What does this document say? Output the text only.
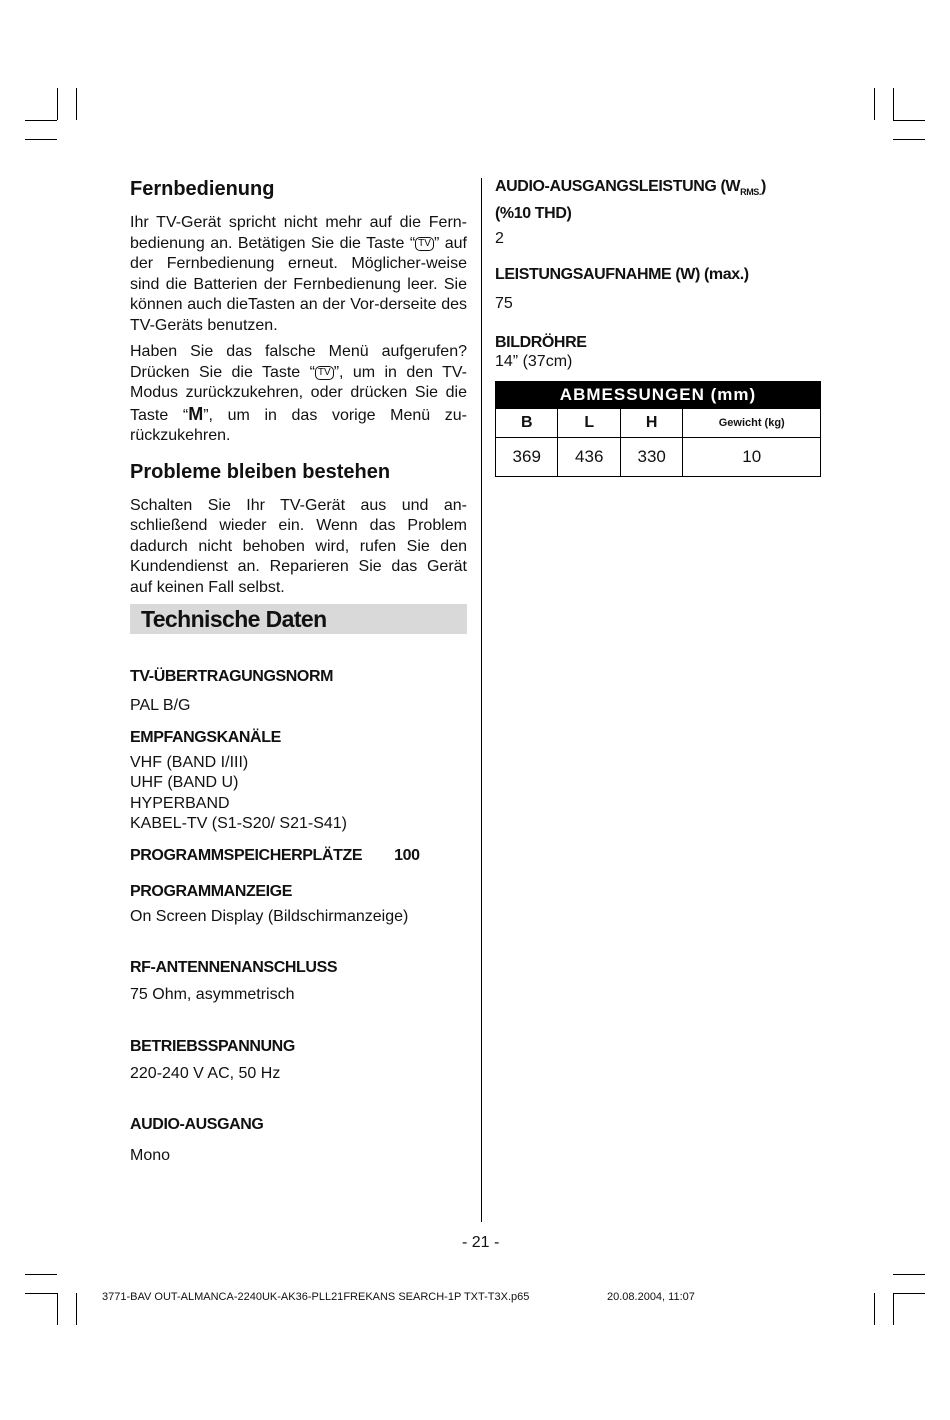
Fernbedienung

Ihr TV-Gerät spricht nicht mehr auf die Fern-bedienung an. Betätigen Sie die Taste “ TV ” auf der Fernbedienung erneut. Möglicher-weise sind die Batterien der Fernbedienung leer. Sie können auch dieTasten an der Vor-derseite des TV-Geräts benutzen.

Haben Sie das falsche Menü aufgerufen? Drücken Sie die Taste “ TV ”, um in den TV-Modus zurückzukehren, oder drücken Sie die Taste “M”, um in das vorige Menü zu-rückzukehren.

Probleme bleiben bestehen

Schalten Sie Ihr TV-Gerät aus und an-schließend wieder ein. Wenn das Problem dadurch nicht behoben wird, rufen Sie den Kundendienst an. Reparieren Sie das Gerät auf keinen Fall selbst.

Technische Daten
TV-ÜBERTRAGUNGSNORM
PAL B/G
EMPFANGSKANÄLE
VHF (BAND I/III)
UHF (BAND U)
HYPERBAND
KABEL-TV (S1-S20/ S21-S41)
PROGRAMMSPEICHERPLÄTZE 100
PROGRAMMANZEIGE
On Screen Display (Bildschirmanzeige)
RF-ANTENNENANSCHLUSS
75 Ohm, asymmetrisch
BETRIEBSSPANNUNG
220-240 V AC, 50 Hz
AUDIO-AUSGANG
Mono
AUDIO-AUSGANGSLEISTUNG $(W_{RMS.})$
(%10 THD)
2
LEISTUNGSAUFNAHME (W) (max.)
75
BILDRÖHRE
14” (37cm)
ABMESSUNGEN (mm)			
B	L	H	Gewicht (kg)
369	436	330	10
- 21 -
3771-BAV OUT-ALMANCA-2240UK-AK36-PLL21FREKANS SEARCH-1P TXT-T3X.p65	20.08.2004, 11:07
